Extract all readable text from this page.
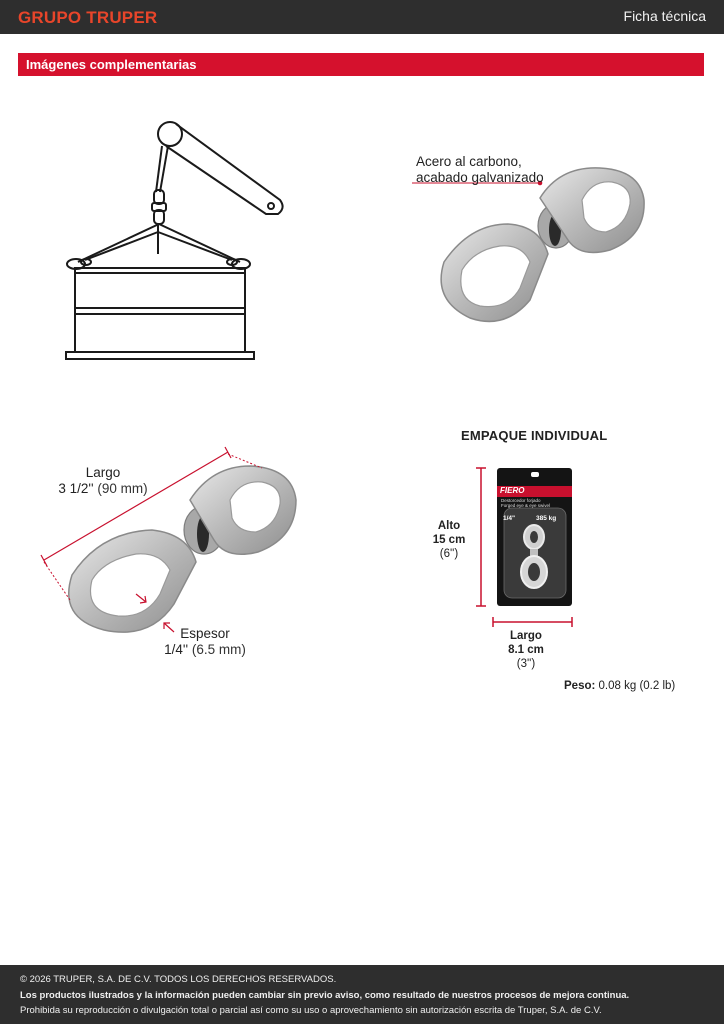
GRUPO TRUPER	Ficha técnica
Imágenes complementarias
Acero al carbono,
acabado galvanizado
Largo
3 1/2'' (90 mm)
Espesor
1/4'' (6.5 mm)
EMPAQUE INDIVIDUAL
FIERO
Destorcedor forjado
Forged eye & eye swivel
1/4"	385 kg
Alto
15 cm
(6'')
Largo
8.1 cm
(3'')
Peso: 0.08 kg (0.2 lb)
© 2026 TRUPER, S.A. DE C.V. TODOS LOS DERECHOS RESERVADOS.
Los productos ilustrados y la información pueden cambiar sin previo aviso, como resultado de nuestros procesos de mejora continua.
Prohibida su reproducción o divulgación total o parcial así como su uso o aprovechamiento sin autorización escrita de Truper, S.A. de C.V.
